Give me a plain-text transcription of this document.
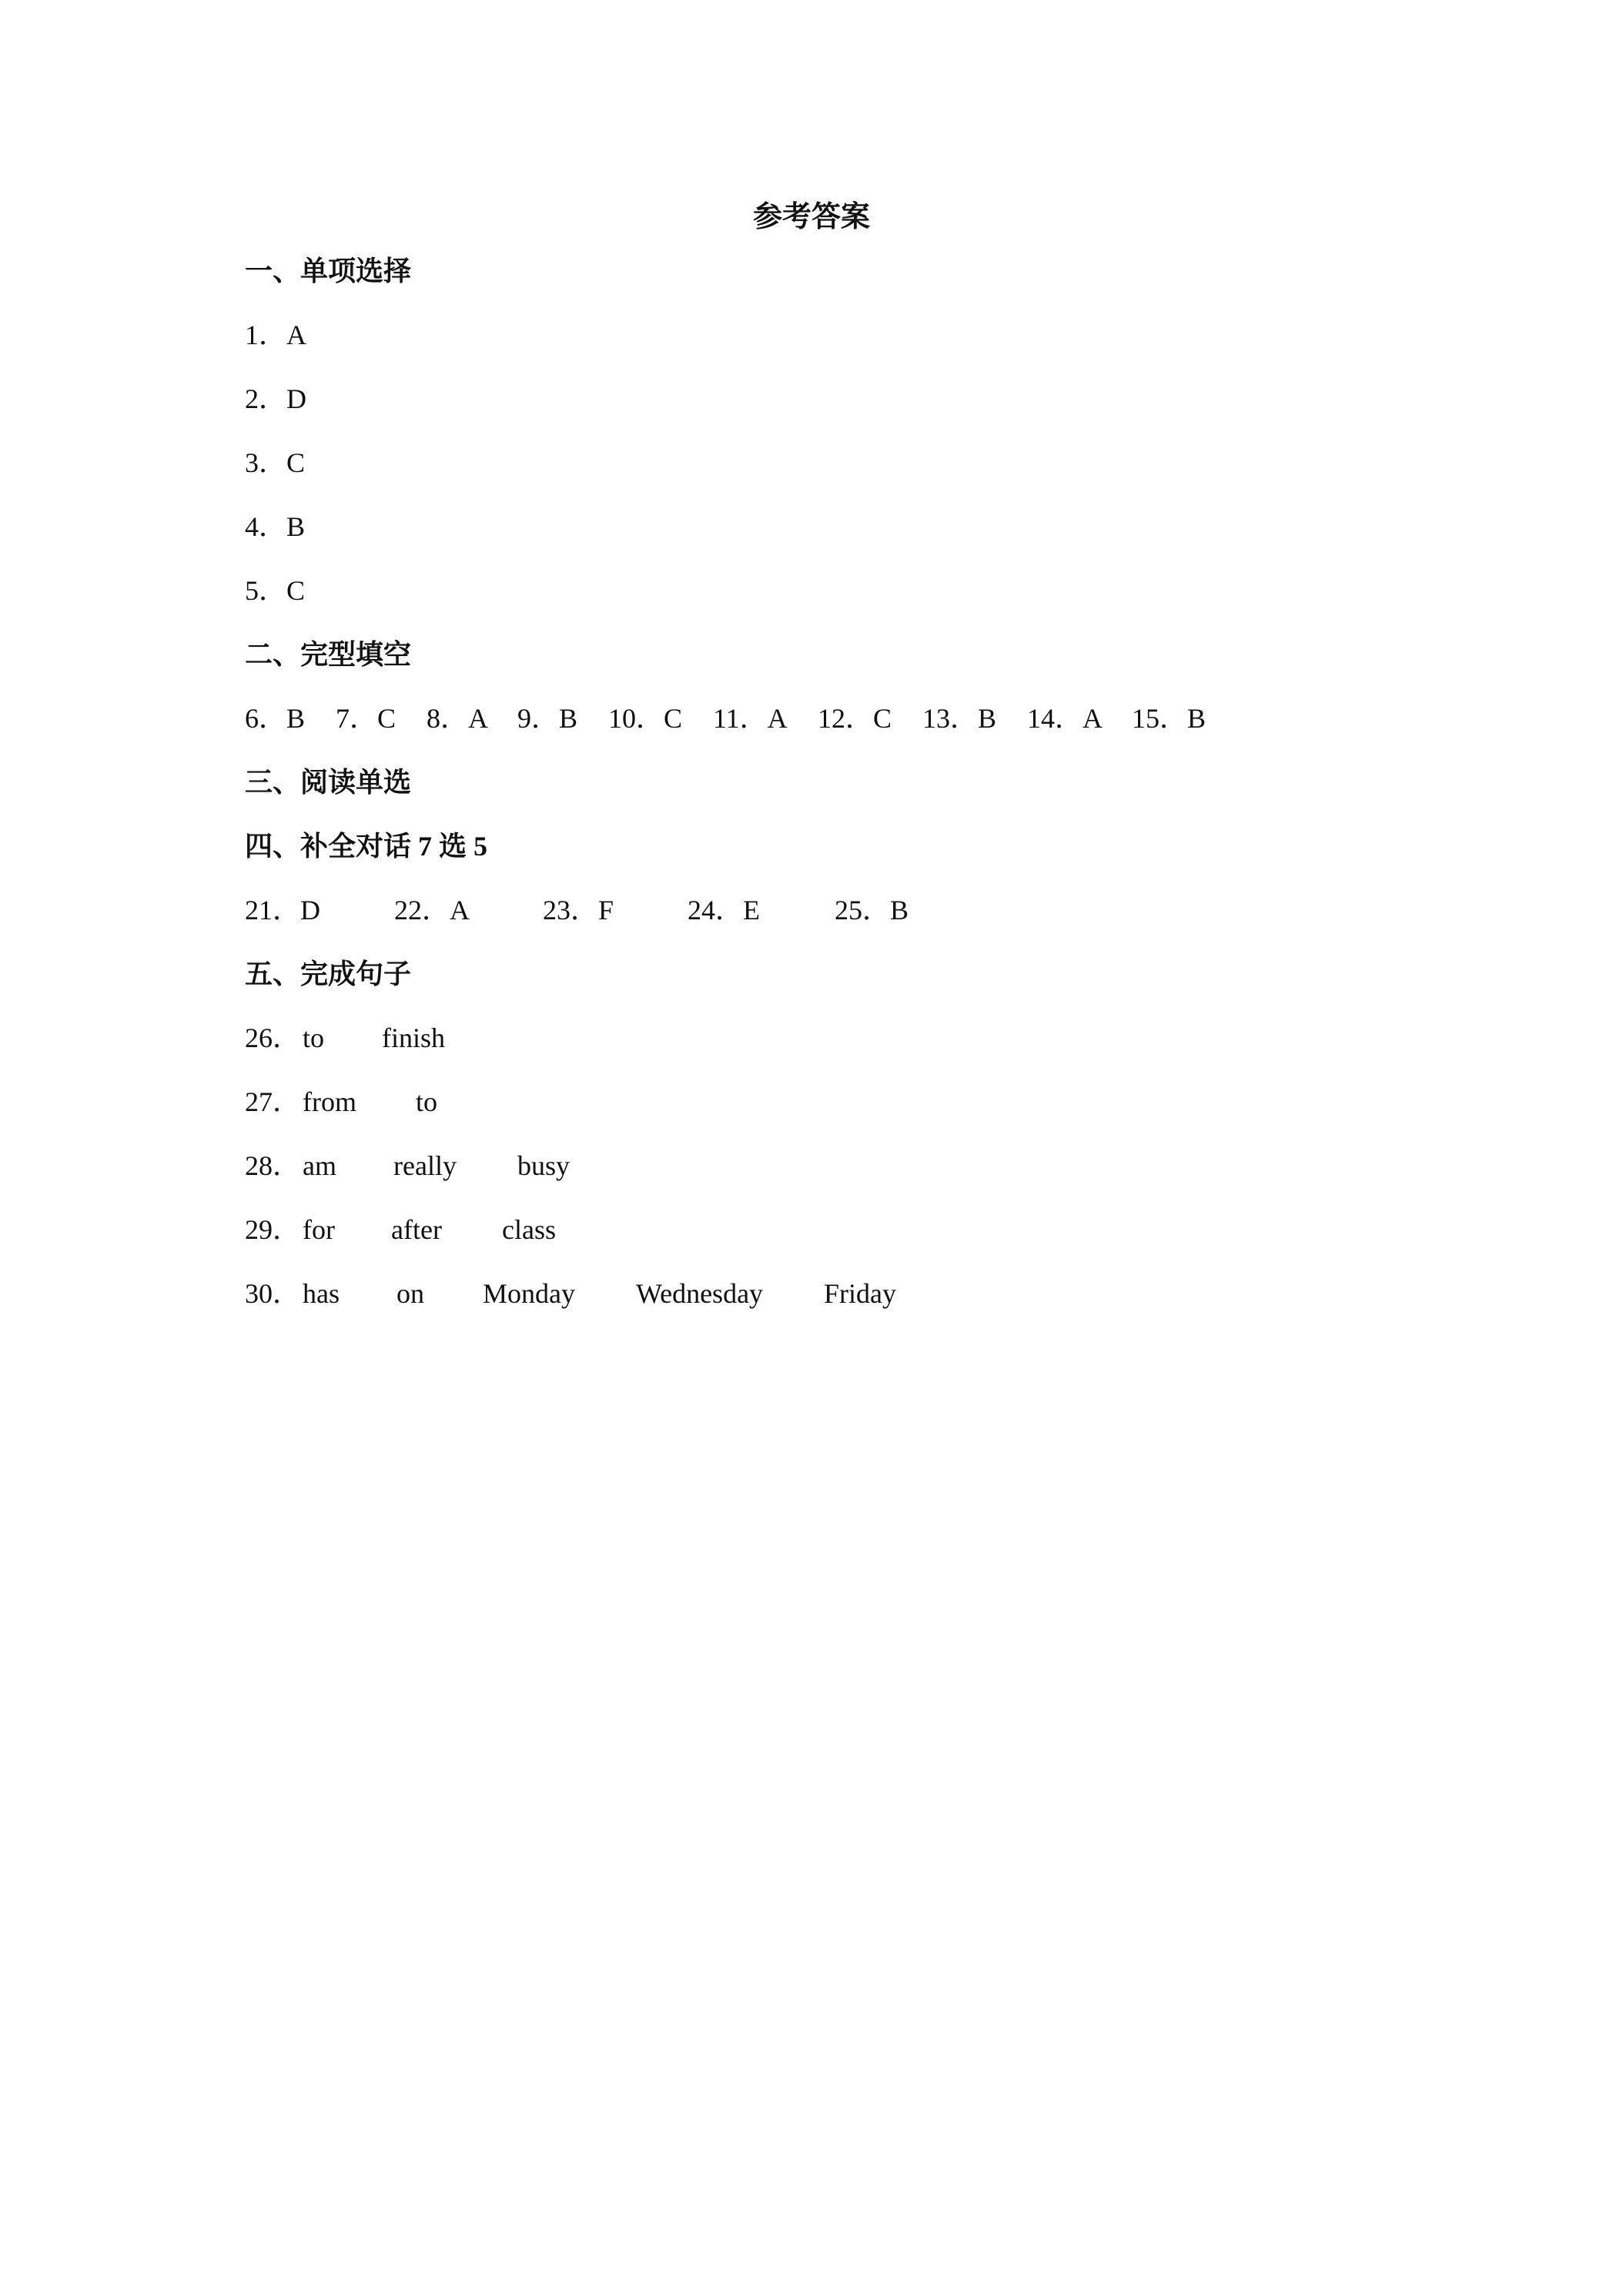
参考答案
一、单项选择
1．A
2．D
3．C
4．B
5．C
二、完型填空
6．B 7．C 8．A 9．B 10．C 11．A 12．C 13．B 14．A 15．B
三、阅读单选
四、补全对话 7 选 5
21．D	22．A	23．F	24．E	25．B
五、完成句子
26． to finish
27． from to
28． am really busy
29． for after class
30． has on Monday Wednesday Friday
